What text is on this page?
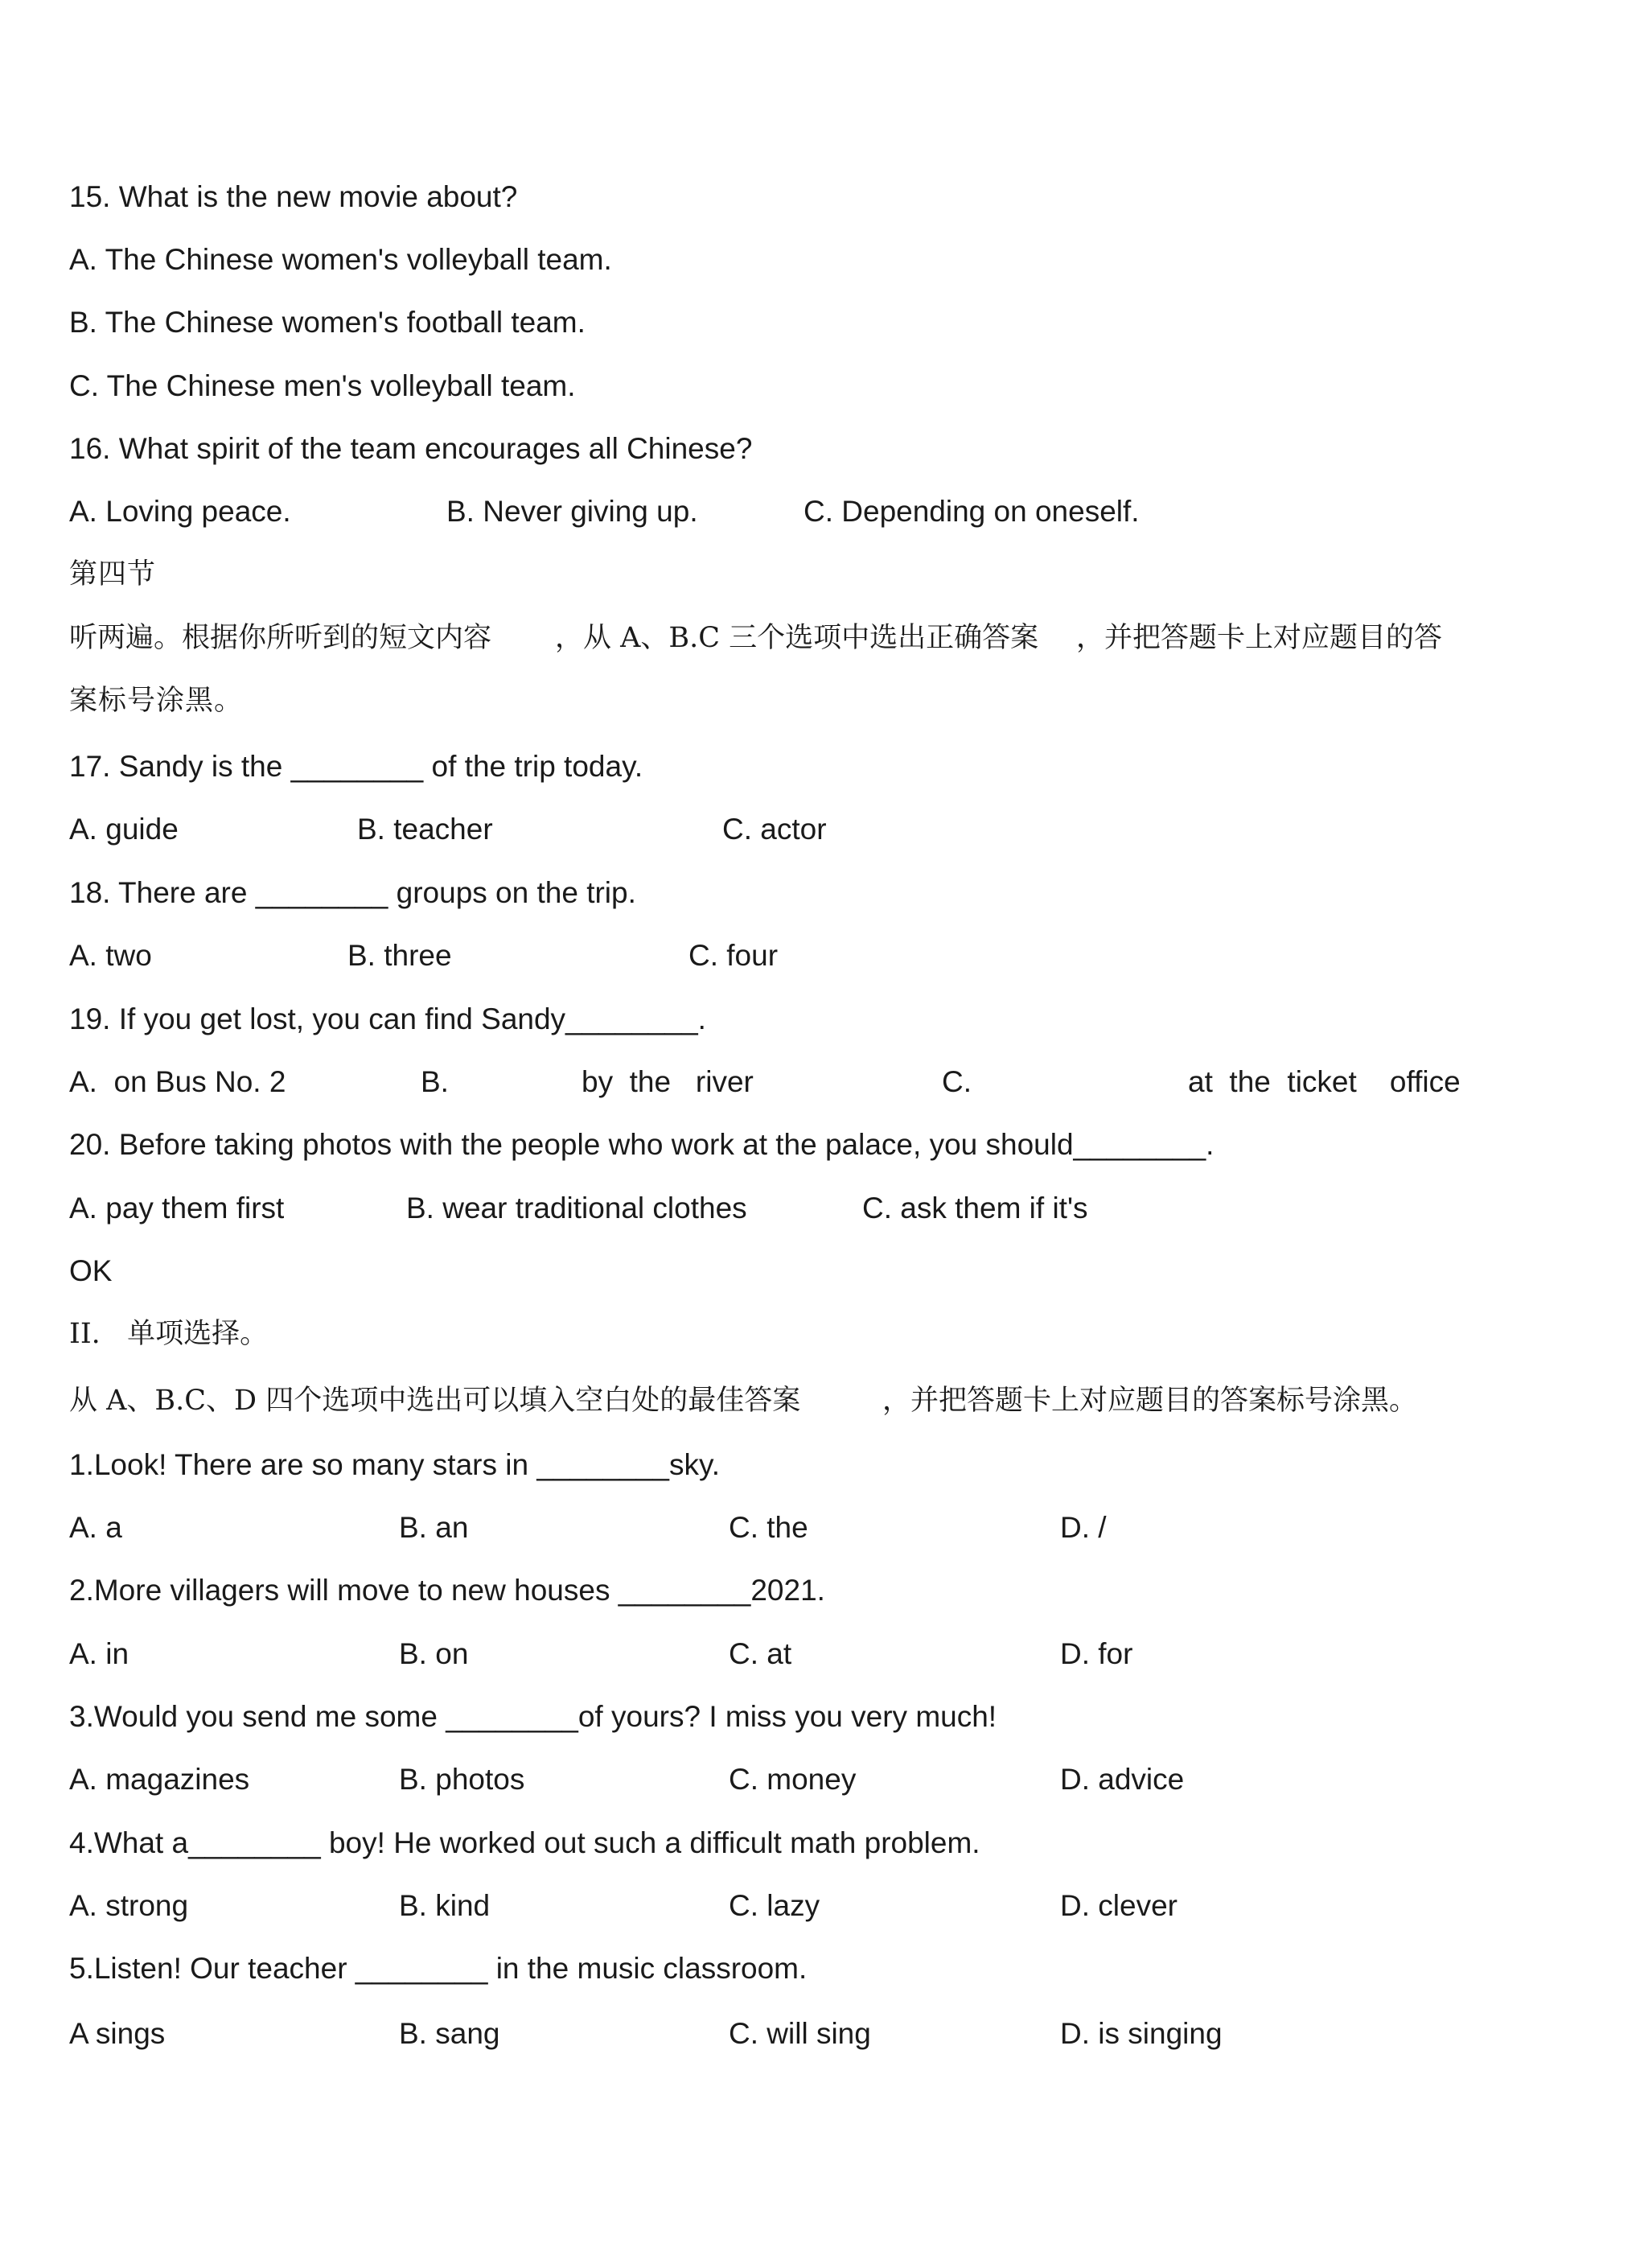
15. What is the new movie about?
A. The Chinese women's volleyball team.
B. The Chinese women's football team.
C. The Chinese men's volleyball team.
16. What spirit of the team encourages all Chinese?
A. Loving peace.	B. Never giving up.	C. Depending on oneself.
第四节
听两遍。根据你所听到的短文内容 ，从 A、B.C 三个选项中选出正确答案 ，并把答题卡上对应题目的答
案标号涂黑。
17. Sandy is the ________ of the trip today.
A. guide	B. teacher	C. actor
18. There are ________ groups on the trip.
A. two	B. three	C. four
19. If you get lost, you can find Sandy________.
A.  on Bus No. 2	B.	by  the   river	C.	at  the  ticket    office
20. Before taking photos with the people who work at the palace, you should________.
A. pay them first	B. wear traditional clothes	C. ask them if it's
OK
II.   单项选择。
从 A、B.C、D 四个选项中选出可以填入空白处的最佳答案	，并把答题卡上对应题目的答案标号涂黑。
1.Look! There are so many stars in ________sky.
A. a	B. an	C. the	D. /
2.More villagers will move to new houses ________2021.
A. in	B. on	C. at	D. for
3.Would you send me some ________of yours? I miss you very much!
A. magazines	B. photos	C. money	D. advice
4.What a________ boy! He worked out such a difficult math problem.
A. strong	B. kind	C. lazy	D. clever
5.Listen! Our teacher ________ in the music classroom.
A sings	B. sang	C. will sing	D. is singing
